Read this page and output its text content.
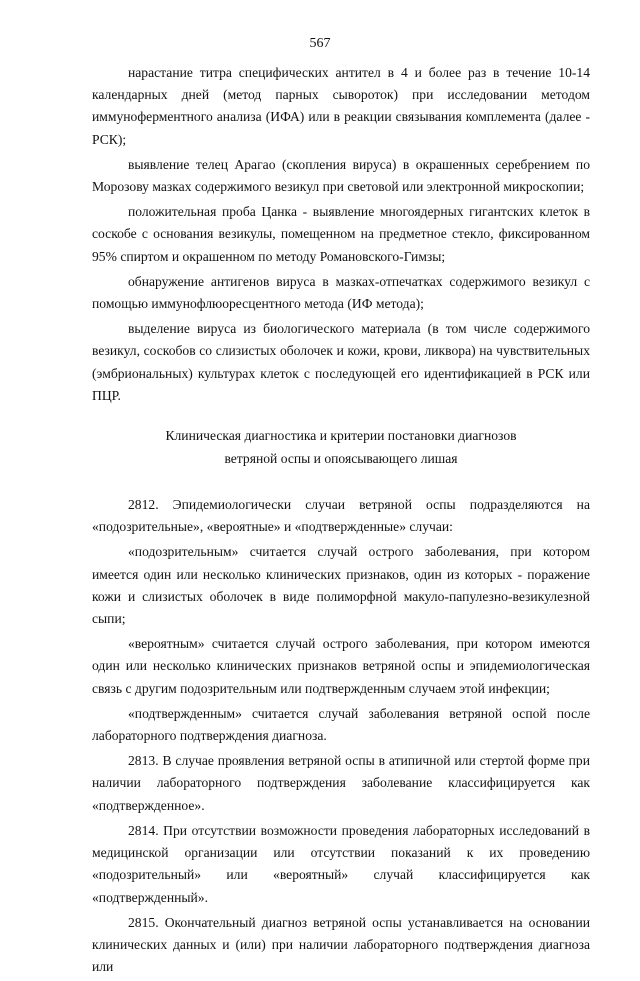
567

нарастание титра специфических антител в 4 и более раз в течение 10-14 календарных дней (метод парных сывороток) при исследовании методом иммуноферментного анализа (ИФА) или в реакции связывания комплемента (далее - РСК);

выявление телец Арагао (скопления вируса) в окрашенных серебрением по Морозову мазках содержимого везикул при световой или электронной микроскопии;

положительная проба Цанка - выявление многоядерных гигантских клеток в соскобе с основания везикулы, помещенном на предметное стекло, фиксированном 95% спиртом и окрашенном по методу Романовского-Гимзы;

обнаружение антигенов вируса в мазках-отпечатках содержимого везикул с помощью иммунофлюоресцентного метода (ИФ метода);

выделение вируса из биологического материала (в том числе содержимого везикул, соскобов со слизистых оболочек и кожи, крови, ликвора) на чувствительных (эмбриональных) культурах клеток с последующей его идентификацией в РСК или ПЦР.

Клиническая диагностика и критерии постановки диагнозов

ветряной оспы и опоясывающего лишая

2812. Эпидемиологически случаи ветряной оспы подразделяются на «подозрительные», «вероятные» и «подтвержденные» случаи:

«подозрительным» считается случай острого заболевания, при котором имеется один или несколько клинических признаков, один из которых - поражение кожи и слизистых оболочек в виде полиморфной макуло-папулезно-везикулезной сыпи;

«вероятным» считается случай острого заболевания, при котором имеются один или несколько клинических признаков ветряной оспы и эпидемиологическая связь с другим подозрительным или подтвержденным случаем этой инфекции;

«подтвержденным» считается случай заболевания ветряной оспой после лабораторного подтверждения диагноза.

2813. В случае проявления ветряной оспы в атипичной или стертой форме при наличии лабораторного подтверждения заболевание классифицируется как «подтвержденное».

2814. При отсутствии возможности проведения лабораторных исследований в медицинской организации или отсутствии показаний к их проведению «подозрительный» или «вероятный» случай классифицируется как «подтвержденный».

2815. Окончательный диагноз ветряной оспы устанавливается на основании клинических данных и (или) при наличии лабораторного подтверждения диагноза или
